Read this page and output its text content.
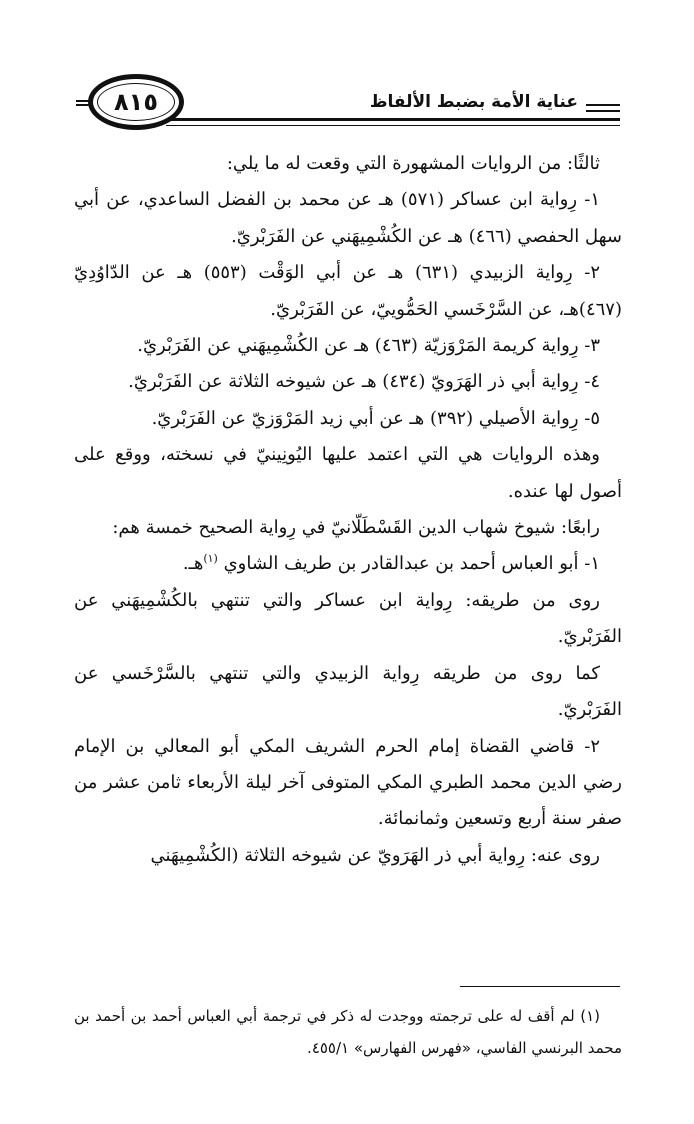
عناية الأمة بضبط الألفاظ
٨١٥

ثالثًا: من الروايات المشهورة التي وقعت له ما يلي:

١- رِواية ابن عساكر (٥٧١) هـ عن محمد بن الفضل الساعدي، عن أبي سهل الحفصي (٤٦٦) هـ عن الكُشْمِيهَني عن الفَرَبْريّ.

٢- رِواية الزبيدي (٦٣١) هـ عن أبي الوَقْت (٥٥٣) هـ عن الدّاوُدِيّ (٤٦٧)هـ، عن السَّرْخَسي الحَمُّوييّ، عن الفَرَبْريّ.

٣- رِواية كريمة المَرْوَزيّة (٤٦٣) هـ عن الكُشْمِيهَني عن الفَرَبْريّ.

٤- رِواية أبي ذر الهَرَويّ (٤٣٤) هـ عن شيوخه الثلاثة عن الفَرَبْريّ.

٥- رِواية الأصيلي (٣٩٢) هـ عن أبي زيد المَرْوَزيّ عن الفَرَبْريّ.

وهذه الروايات هي التي اعتمد عليها اليُونِينيّ في نسخته، ووقع على أصول لها عنده.

رابعًا: شيوخ شهاب الدين القَسْطَلّانيّ في رِواية الصحيح خمسة هم:

١- أبو العباس أحمد بن عبدالقادر بن طريف الشاوي $^{(١)}$هـ.

روى من طريقه: رِواية ابن عساكر والتي تنتهي بالكُشْمِيهَني عن الفَرَبْريّ.

كما روى من طريقه رِواية الزبيدي والتي تنتهي بالسَّرْخَسي عن الفَرَبْريّ.

٢- قاضي القضاة إمام الحرم الشريف المكي أبو المعالي بن الإمام رضي الدين محمد الطبري المكي المتوفى آخر ليلة الأربعاء ثامن عشر من صفر سنة أربع وتسعين وثمانمائة.

روى عنه: رِواية أبي ذر الهَرَويّ عن شيوخه الثلاثة (الكُشْمِيهَني

(١) لم أقف له على ترجمته ووجدت له ذكر في ترجمة أبي العباس أحمد بن أحمد بن محمد البرنسي الفاسي، «فهرس الفهارس» ٤٥٥/١.
